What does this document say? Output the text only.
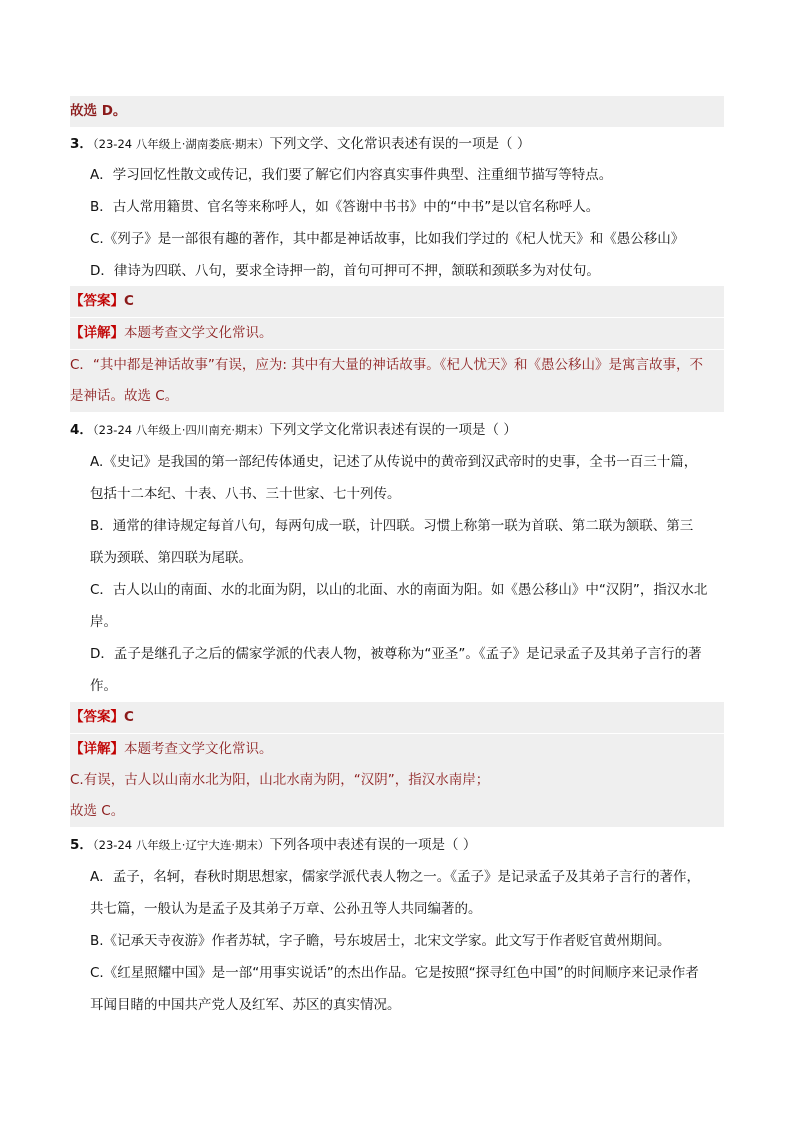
故选 D。
3．（23-24 八年级上·湖南娄底·期末）下列文学、文化常识表述有误的一项是（ ）
A．学习回忆性散文或传记，我们要了解它们内容真实事件典型、注重细节描写等特点。
B．古人常用籍贯、官名等来称呼人，如《答谢中书书》中的“中书”是以官名称呼人。
C.《列子》是一部很有趣的著作，其中都是神话故事，比如我们学过的《杞人忧天》和《愚公移山》
D．律诗为四联、八句，要求全诗押一韵，首句可押可不押，颔联和颈联多为对仗句。
【答案】C
【详解】本题考查文学文化常识。
C．“其中都是神话故事”有误，应为: 其中有大量的神话故事。《杞人忧天》和《愚公移山》是寓言故事，不
是神话。故选 C。
4．（23-24 八年级上·四川南充·期末）下列文学文化常识表述有误的一项是（ ）
A.《史记》是我国的第一部纪传体通史，记述了从传说中的黄帝到汉武帝时的史事，全书一百三十篇，
包括十二本纪、十表、八书、三十世家、七十列传。
B．通常的律诗规定每首八句，每两句成一联，计四联。习惯上称第一联为首联、第二联为颔联、第三
联为颈联、第四联为尾联。
C．古人以山的南面、水的北面为阴，以山的北面、水的南面为阳。如《愚公移山》中“汉阴”，指汉水北
岸。
D．孟子是继孔子之后的儒家学派的代表人物，被尊称为“亚圣”。《孟子》是记录孟子及其弟子言行的著
作。
【答案】C
【详解】本题考查文学文化常识。
C.有误，古人以山南水北为阳，山北水南为阴，“汉阴”，指汉水南岸；
故选 C。
5．（23-24 八年级上·辽宁大连·期末）下列各项中表述有误的一项是（ ）
A．孟子，名轲，春秋时期思想家，儒家学派代表人物之一。《孟子》是记录孟子及其弟子言行的著作，
共七篇，一般认为是孟子及其弟子万章、公孙丑等人共同编著的。
B.《记承天寺夜游》作者苏轼，字子瞻，号东坡居士，北宋文学家。此文写于作者贬官黄州期间。
C.《红星照耀中国》是一部“用事实说话”的杰出作品。它是按照“探寻红色中国”的时间顺序来记录作者
耳闻目睹的中国共产党人及红军、苏区的真实情况。
